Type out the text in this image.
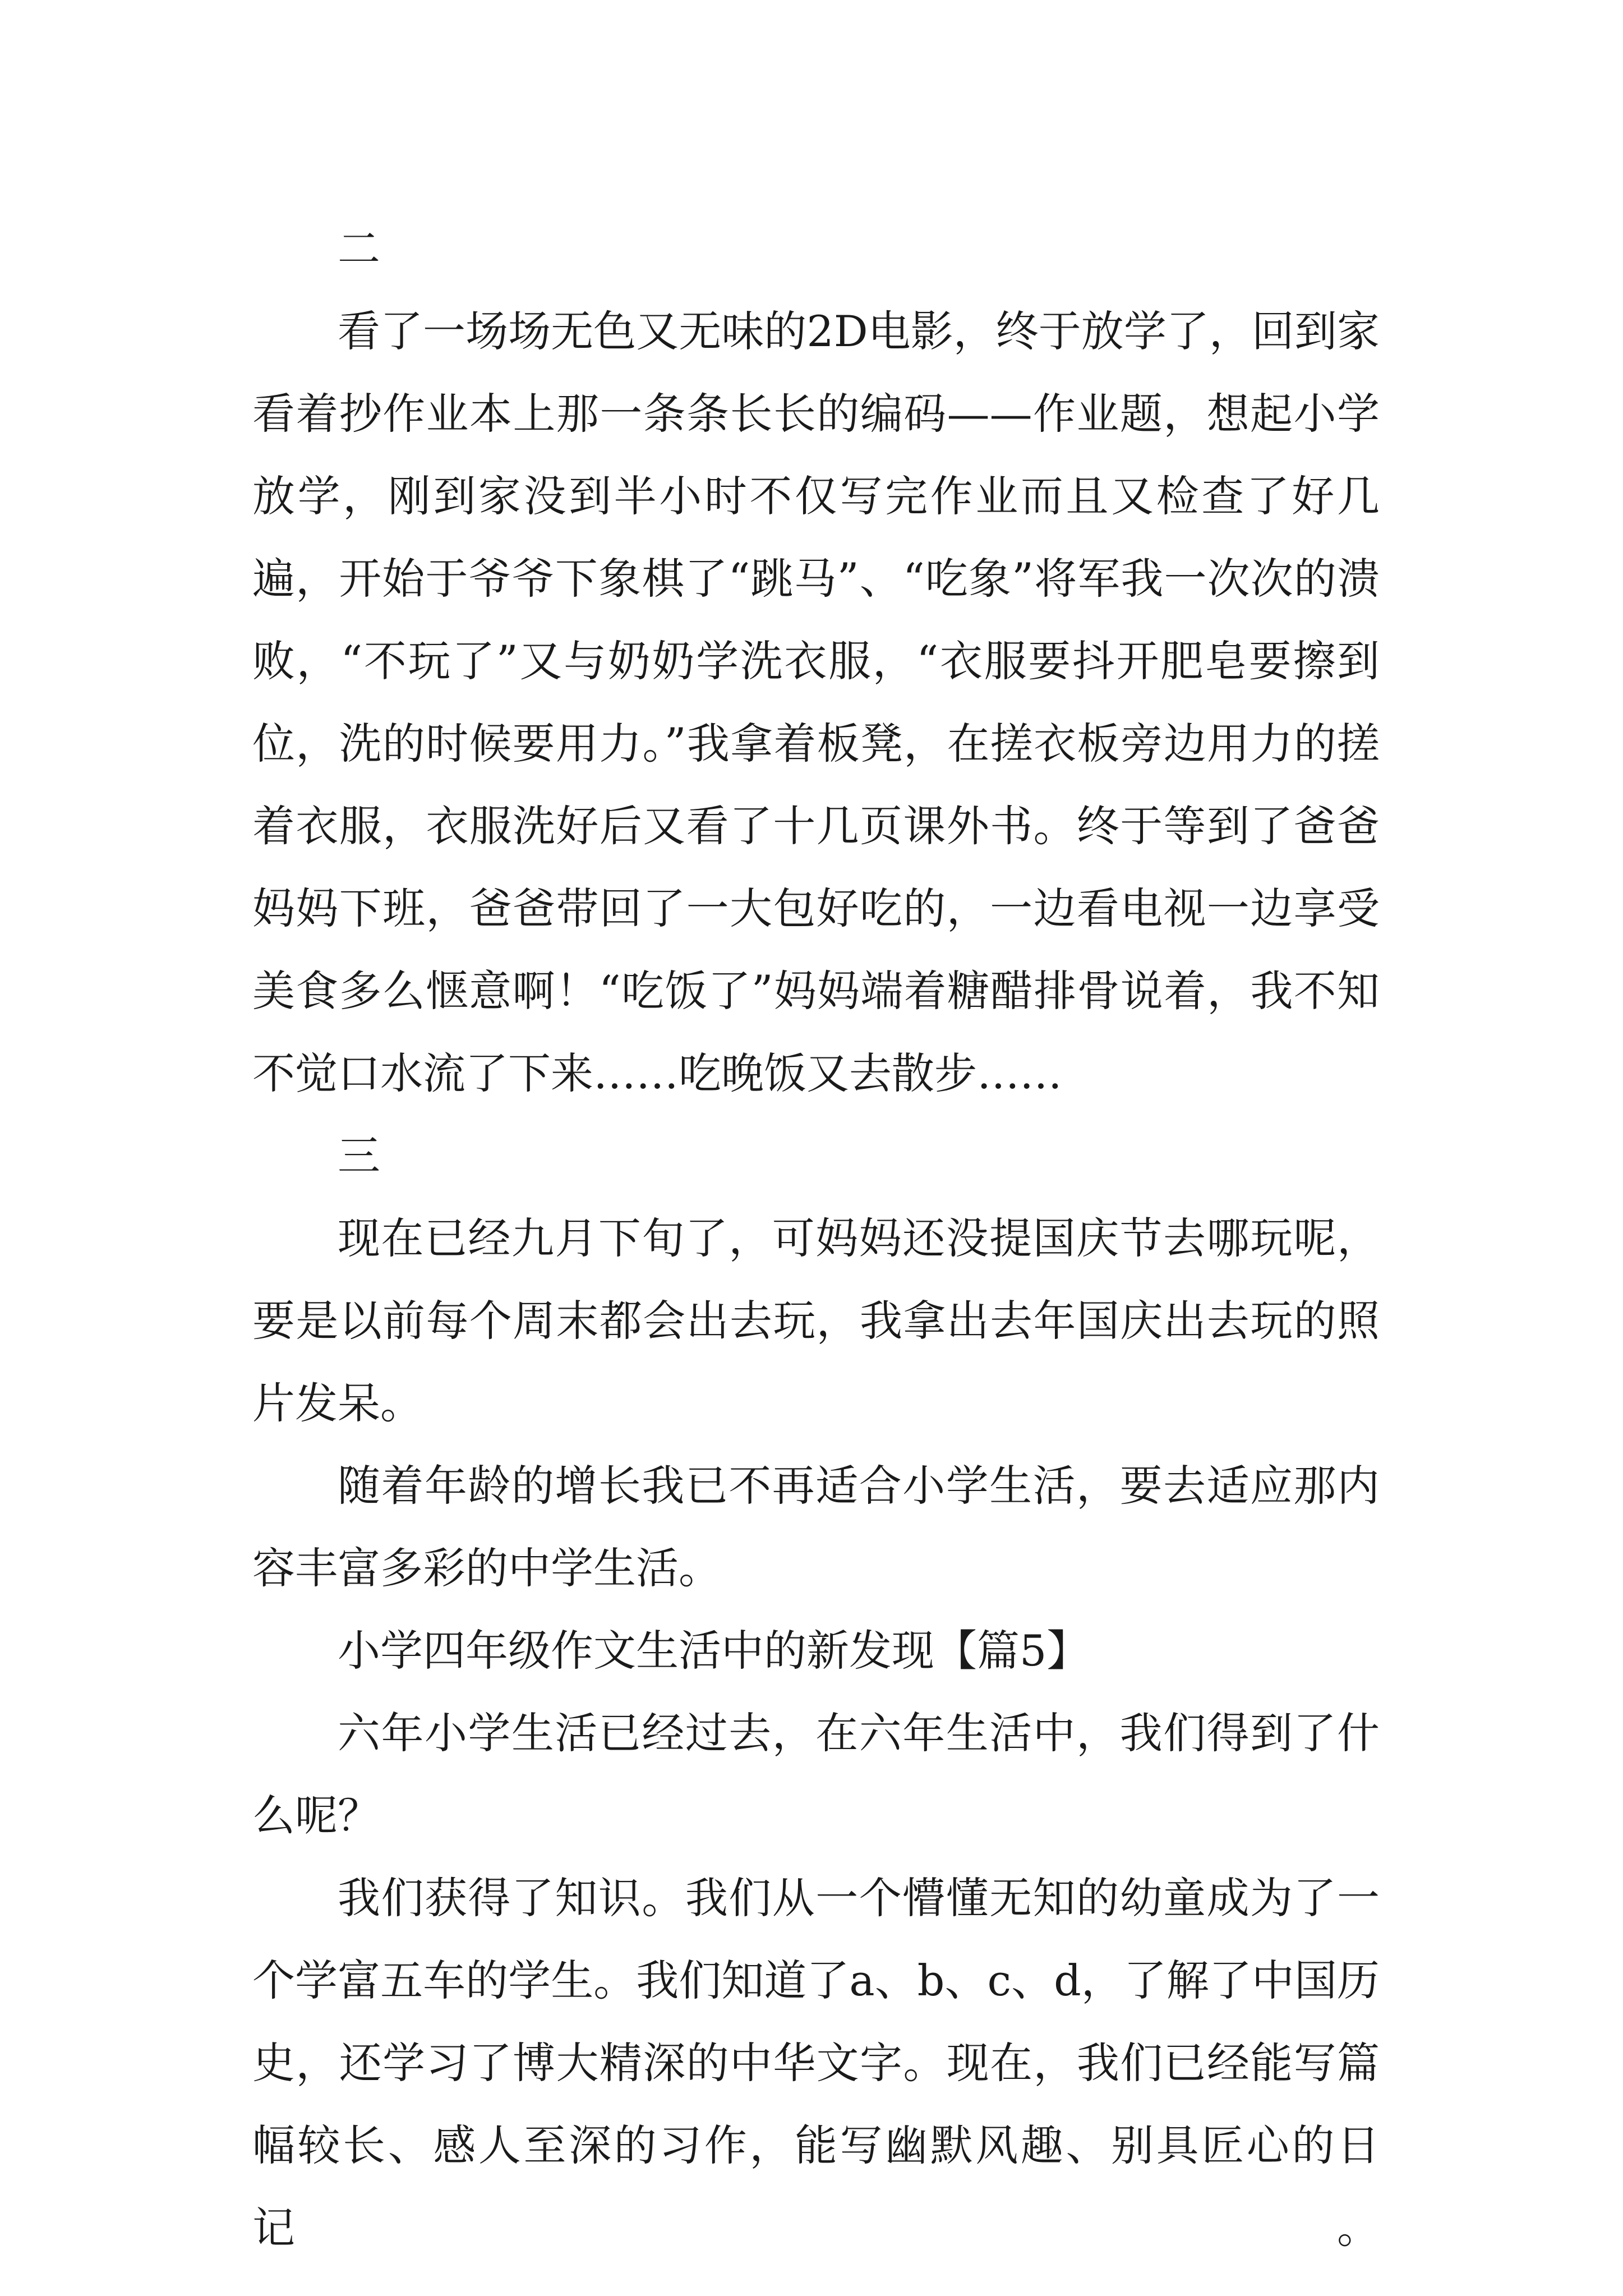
二

看了一场场无色又无味的2D电影，终于放学了，回到家看着抄作业本上那一条条长长的编码——作业题，想起小学放学，刚到家没到半小时不仅写完作业而且又检查了好几遍，开始于爷爷下象棋了“跳马”、“吃象”将军我一次次的溃败，“不玩了”又与奶奶学洗衣服，“衣服要抖开肥皂要擦到位，洗的时候要用力。”我拿着板凳，在搓衣板旁边用力的搓着衣服，衣服洗好后又看了十几页课外书。终于等到了爸爸妈妈下班，爸爸带回了一大包好吃的，一边看电视一边享受美食多么惬意啊！“吃饭了”妈妈端着糖醋排骨说着，我不知不觉口水流了下来……吃晚饭又去散步……

三

现在已经九月下旬了，可妈妈还没提国庆节去哪玩呢，要是以前每个周末都会出去玩，我拿出去年国庆出去玩的照片发呆。

随着年龄的增长我已不再适合小学生活，要去适应那内容丰富多彩的中学生活。

小学四年级作文生活中的新发现【篇5】

六年小学生活已经过去，在六年生活中，我们得到了什么呢？

我们获得了知识。我们从一个懵懂无知的幼童成为了一个学富五车的学生。我们知道了a、b、c、d，了解了中国历史，还学习了博大精深的中华文字。现在，我们已经能写篇幅较长、感人至深的习作，能写幽默风趣、别具匠心的日记。
